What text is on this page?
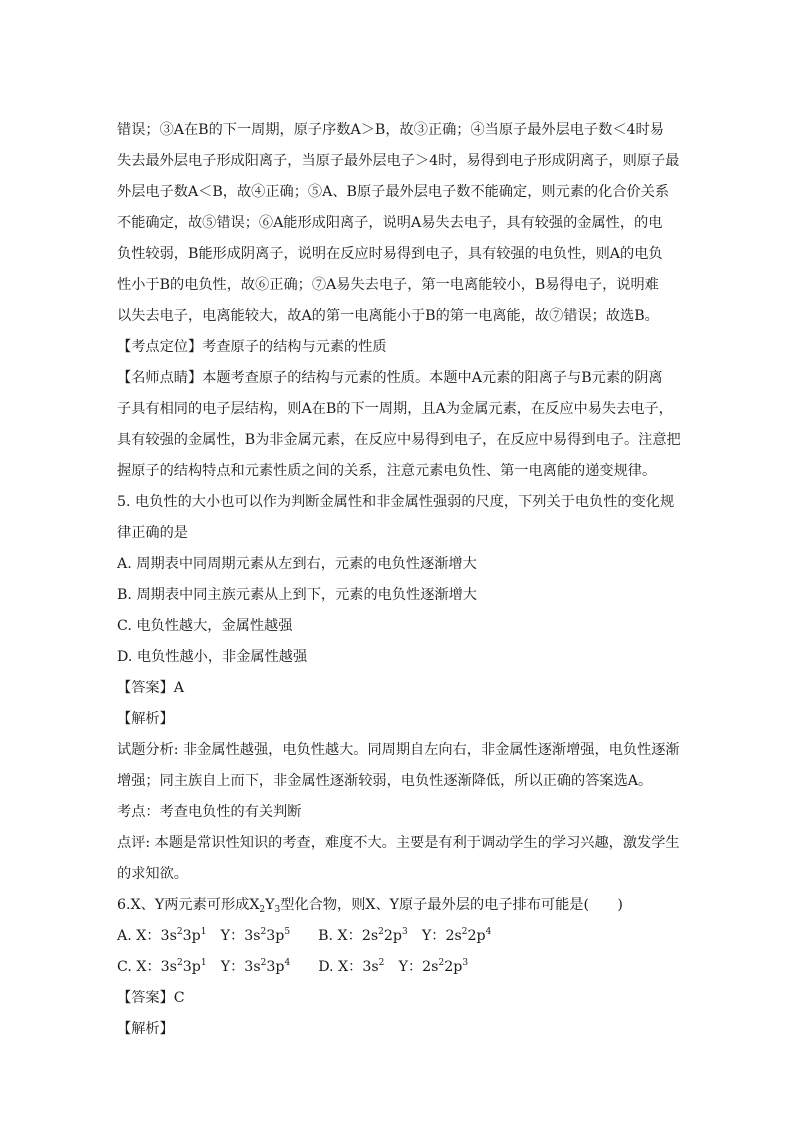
错误；③A在B的下一周期，原子序数A＞B，故③正确；④当原子最外层电子数＜4时易
失去最外层电子形成阳离子，当原子最外层电子＞4时，易得到电子形成阴离子，则原子最
外层电子数A＜B，故④正确；⑤A、B原子最外层电子数不能确定，则元素的化合价关系
不能确定，故⑤错误；⑥A能形成阳离子，说明A易失去电子，具有较强的金属性，的电
负性较弱，B能形成阴离子，说明在反应时易得到电子，具有较强的电负性，则A的电负
性小于B的电负性，故⑥正确；⑦A易失去电子，第一电离能较小，B易得电子，说明难
以失去电子，电离能较大，故A的第一电离能小于B的第一电离能，故⑦错误；故选B。
【考点定位】考查原子的结构与元素的性质
【名师点睛】本题考查原子的结构与元素的性质。本题中A元素的阳离子与B元素的阴离
子具有相同的电子层结构，则A在B的下一周期，且A为金属元素，在反应中易失去电子，
具有较强的金属性，B为非金属元素，在反应中易得到电子，在反应中易得到电子。注意把
握原子的结构特点和元素性质之间的关系，注意元素电负性、第一电离能的递变规律。
5. 电负性的大小也可以作为判断金属性和非金属性强弱的尺度，下列关于电负性的变化规
律正确的是
A. 周期表中同周期元素从左到右，元素的电负性逐渐增大
B. 周期表中同主族元素从上到下，元素的电负性逐渐增大
C. 电负性越大，金属性越强
D. 电负性越小，非金属性越强
【答案】A
【解析】
试题分析: 非金属性越强，电负性越大。同周期自左向右，非金属性逐渐增强，电负性逐渐
增强；同主族自上而下，非金属性逐渐较弱，电负性逐渐降低，所以正确的答案选A。
考点：考查电负性的有关判断
点评: 本题是常识性知识的考查，难度不大。主要是有利于调动学生的学习兴趣，激发学生
的求知欲。
6.X、Y两元素可形成$X_2Y_3$型化合物，则X、Y原子最外层的电子排布可能是(　　)
A. X：$3s^23p^1$　Y：$3s^23p^5$ B. X：$2s^22p^3$　Y：$2s^22p^4$
C. X：$3s^23p^1$　Y：$3s^23p^4$ D. X：$3s^2$　Y：$2s^22p^3$
【答案】C
【解析】
